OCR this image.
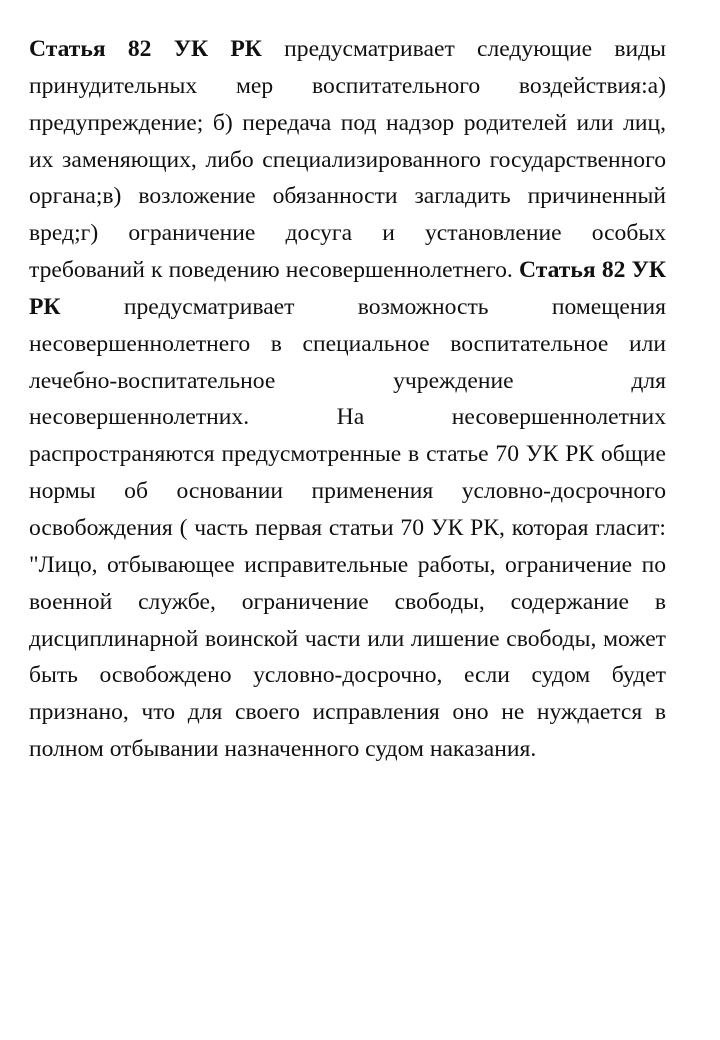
Статья 82 УК РК предусматривает следующие виды принудительных мер воспитательного воздействия:а) предупреждение; б) передача под надзор родителей или лиц, их заменяющих, либо специализированного государственного органа;в) возложение обязанности загладить причиненный вред;г) ограничение досуга и установление особых требований к поведению несовершеннолетнего. Статья 82 УК РК предусматривает возможность помещения несовершеннолетнего в специальное воспитательное или лечебно-воспитательное учреждение для несовершеннолетних. На несовершеннолетних распространяются предусмотренные в статье 70 УК РК общие нормы об основании применения условно-досрочного освобождения ( часть первая статьи 70 УК РК, которая гласит: "Лицо, отбывающее исправительные работы, ограничение по военной службе, ограничение свободы, содержание в дисциплинарной воинской части или лишение свободы, может быть освобождено условно-досрочно, если судом будет признано, что для своего исправления оно не нуждается в полном отбывании назначенного судом наказания.
